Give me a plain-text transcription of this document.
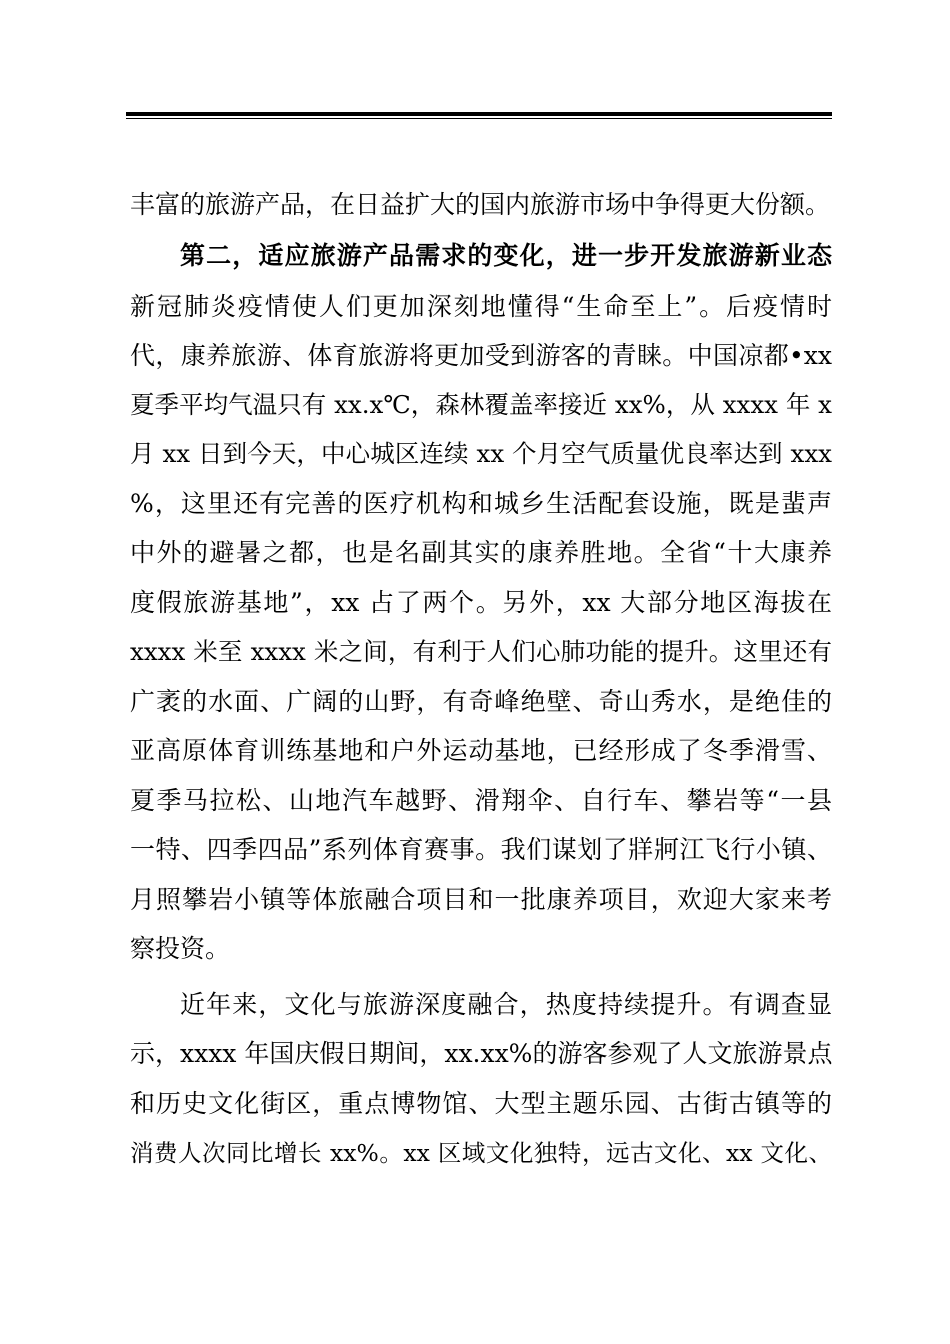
丰富的旅游产品，在日益扩大的国内旅游市场中争得更大份额。
第二，适应旅游产品需求的变化，进一步开发旅游新业态
新冠肺炎疫情使人们更加深刻地懂得“生命至上”。后疫情时
代，康养旅游、体育旅游将更加受到游客的青睐。中国凉都•xx
夏季平均气温只有 xx.x℃，森林覆盖率接近 xx%，从 xxxx 年 x
月 xx 日到今天，中心城区连续 xx 个月空气质量优良率达到 xxx
%，这里还有完善的医疗机构和城乡生活配套设施，既是蜚声
中外的避暑之都，也是名副其实的康养胜地。全省“十大康养
度假旅游基地”，xx 占了两个。另外，xx 大部分地区海拔在
xxxx 米至 xxxx 米之间，有利于人们心肺功能的提升。这里还有
广袤的水面、广阔的山野，有奇峰绝壁、奇山秀水，是绝佳的
亚高原体育训练基地和户外运动基地，已经形成了冬季滑雪、
夏季马拉松、山地汽车越野、滑翔伞、自行车、攀岩等“一县
一特、四季四品”系列体育赛事。我们谋划了牂牁江飞行小镇、
月照攀岩小镇等体旅融合项目和一批康养项目，欢迎大家来考
察投资。
近年来，文化与旅游深度融合，热度持续提升。有调查显
示，xxxx 年国庆假日期间，xx.xx%的游客参观了人文旅游景点
和历史文化街区，重点博物馆、大型主题乐园、古街古镇等的
消费人次同比增长 xx%。xx 区域文化独特，远古文化、xx 文化、
